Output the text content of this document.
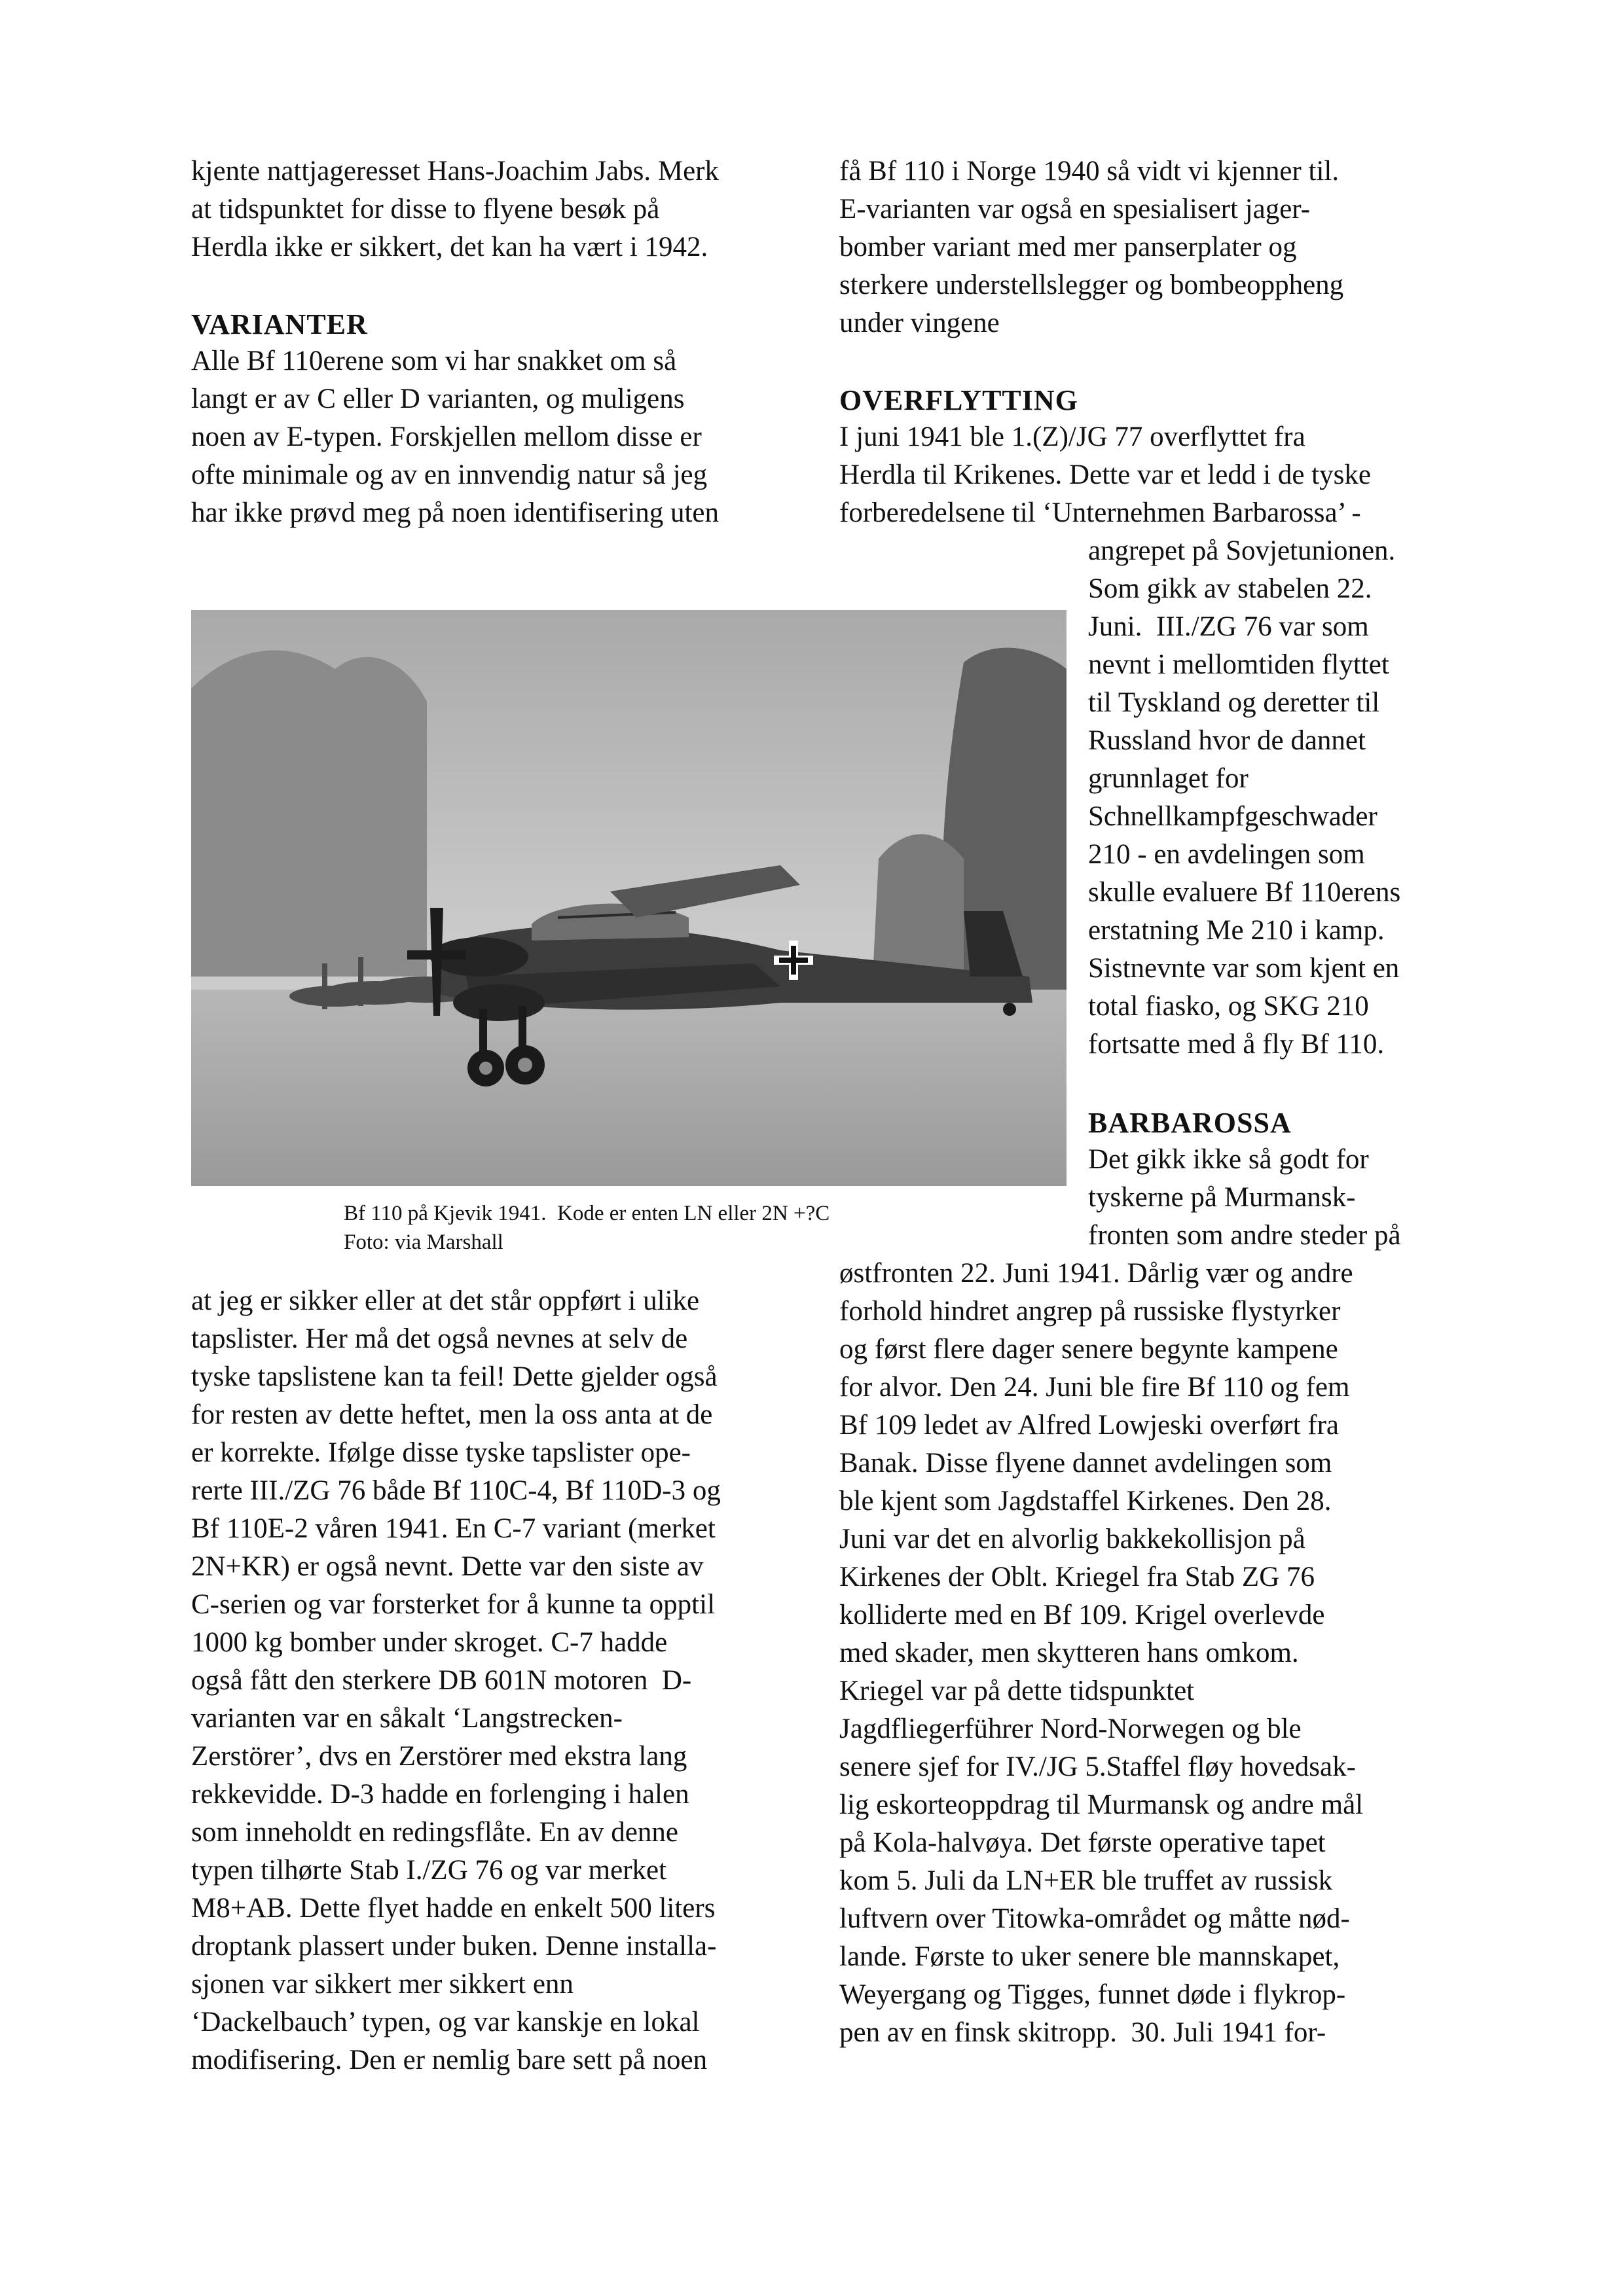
kjente nattjageresset Hans-Joachim Jabs. Merk
at tidspunktet for disse to flyene besøk på
Herdla ikke er sikkert, det kan ha vært i 1942.
VARIANTER
Alle Bf 110erene som vi har snakket om så
langt er av C eller D varianten, og muligens
noen av E-typen. Forskjellen mellom disse er
ofte minimale og av en innvendig natur så jeg
har ikke prøvd meg på noen identifisering uten
få Bf 110 i Norge 1940 så vidt vi kjenner til.
E-varianten var også en spesialisert jager-
bomber variant med mer panserplater og
sterkere understellslegger og bombeoppheng
under vingene
OVERFLYTTING
I juni 1941 ble 1.(Z)/JG 77 overflyttet fra
Herdla til Krikenes. Dette var et ledd i de tyske
forberedelsene til ‘Unternehmen Barbarossa’ -
angrepet på Sovjetunionen.
Som gikk av stabelen 22.
Juni.  III./ZG 76 var som
nevnt i mellomtiden flyttet
til Tyskland og deretter til
Russland hvor de dannet
grunnlaget for
Schnellkampfgeschwader
210 - en avdelingen som
skulle evaluere Bf 110erens
erstatning Me 210 i kamp.
Sistnevnte var som kjent en
total fiasko, og SKG 210
fortsatte med å fly Bf 110.
BARBAROSSA
Det gikk ikke så godt for
tyskerne på Murmansk-
fronten som andre steder på
østfronten 22. Juni 1941. Dårlig vær og andre
forhold hindret angrep på russiske flystyrker
og først flere dager senere begynte kampene
for alvor. Den 24. Juni ble fire Bf 110 og fem
Bf 109 ledet av Alfred Lowjeski overført fra
Banak. Disse flyene dannet avdelingen som
ble kjent som Jagdstaffel Kirkenes. Den 28.
Juni var det en alvorlig bakkekollisjon på
Kirkenes der Oblt. Kriegel fra Stab ZG 76
kolliderte med en Bf 109. Krigel overlevde
med skader, men skytteren hans omkom.
Kriegel var på dette tidspunktet
Jagdfliegerführer Nord-Norwegen og ble
senere sjef for IV./JG 5.Staffel fløy hovedsak-
lig eskorteoppdrag til Murmansk og andre mål
på Kola-halvøya. Det første operative tapet
kom 5. Juli da LN+ER ble truffet av russisk
luftvern over Titowka-området og måtte nød-
lande. Første to uker senere ble mannskapet,
Weyergang og Tigges, funnet døde i flykrop-
pen av en finsk skitropp.  30. Juli 1941 for-
Bf 110 på Kjevik 1941.  Kode er enten LN eller 2N +?C
Foto: via Marshall
at jeg er sikker eller at det står oppført i ulike
tapslister. Her må det også nevnes at selv de
tyske tapslistene kan ta feil! Dette gjelder også
for resten av dette heftet, men la oss anta at de
er korrekte. Ifølge disse tyske tapslister ope-
rerte III./ZG 76 både Bf 110C-4, Bf 110D-3 og
Bf 110E-2 våren 1941. En C-7 variant (merket
2N+KR) er også nevnt. Dette var den siste av
C-serien og var forsterket for å kunne ta opptil
1000 kg bomber under skroget. C-7 hadde
også fått den sterkere DB 601N motoren  D-
varianten var en såkalt ‘Langstrecken-
Zerstörer’, dvs en Zerstörer med ekstra lang
rekkevidde. D-3 hadde en forlenging i halen
som inneholdt en redingsflåte. En av denne
typen tilhørte Stab I./ZG 76 og var merket
M8+AB. Dette flyet hadde en enkelt 500 liters
droptank plassert under buken. Denne installa-
sjonen var sikkert mer sikkert enn
‘Dackelbauch’ typen, og var kanskje en lokal
modifisering. Den er nemlig bare sett på noen
